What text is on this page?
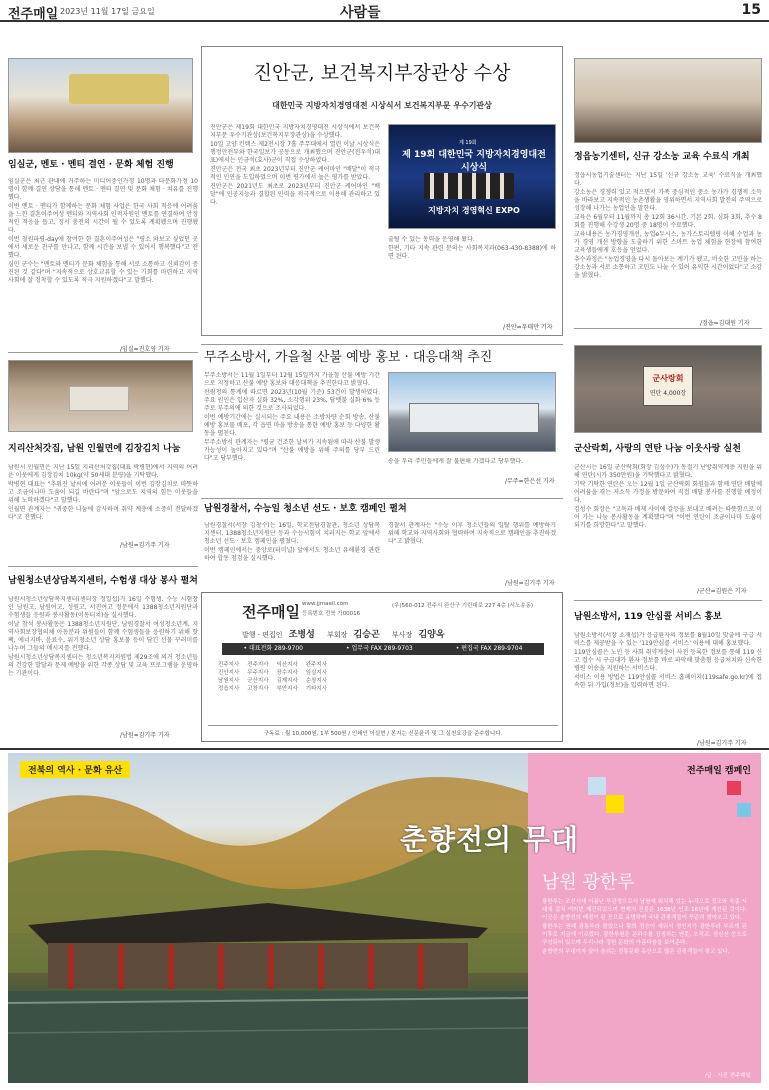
전주매일 2023년 11월 17일 금요일	사람들	15
임실군, 멘토 · 멘티 결연 · 문화 체험 진행

임실군은 최근 관내에 거주하는 미디어중인가정 10명과 다문화가정 10명이 함께 결연 상담을 통해 멘토 · 멘티 결연 및 문화 체험 · 치유를 진행했다.

이번 멘토 · 멘티가 함께하는 문화 체험 사업은 한국 사회 적응에 어려움을 느낀 결혼이주여성 멘티와 지역사회 인적자원인 멘토를 연결하여 안정적인 적응을 돕고, 정서 충전의 시간이 될 수 있도록 계획됐으며 진행됐다.

이번 철원파평-day에 참여한 한 결혼이주여성은 "평소 와보고 싶었던 곳에서 새로운 친구를 만나고, 함께 시간을 보낼 수 있어서 행복했다"고 전했다.

심민 군수는 "멘토와 멘티가 문화 체험을 통해 서로 소통하고 신뢰감이 증진된 것 같다"며 "지속적으로 상호교류할 수 있는 기회를 마련하고 지역사회에 잘 정착할 수 있도록 적극 지원하겠다"고 말했다.

/임실=진호영 기자
진안군, 보건복지부장관상 수상
대한민국 지방자치경영대전 시상식서 보건복지부문 우수기관상

진안군은 제19회 대한민국 지방자치경영대전 시상식에서 보건복지부문 우수기관상(보건복지부장관상)을 수상했다.

10일 고양 킨텍스 제2전시장 7홀 주무대에서 열린 이날 시상식은 행정안전부와 한국일보가 공동으로 개최했으며 진안군(전우석)대표)에서는 인금석(효사)군이 직접 수상하였다.

진안군은 전국 최초 2023년부터 진안군 케어마인 "배달"이 적극적인 인연을 도입하였으며 이번 평가에서 높은 평가를 받았다.

진안군은 2021년도 최초로 2023년부터 진안군 케어마인 "배달"에 인공지능과 결합된 인력을 적극적으로 이용해 관리하고 있다.

제 19회
제 19회 대한민국 지방자치경영대전 시상식
지방자치 경영혁신 EXPO

출될 수 있는 동력을 운영해 왔다.

한편, 기타 지속 관련 문의는 사회복지과(063-430-8388)에 하면 된다.

/진안=우태만 기자
정읍농기센터, 신규 강소농 교육 수료식 개최

정읍시농업기술센터는 지난 15일 '신규 강소농 교육' 수료식을 개최했다.

강소농은 경쟁력 있고 적으면서 가족 중심적인 중소 농가가 경쟁적 소득을 바라보고 지속적인 농촌생활을 영위하면서 지역사회 발전의 주역으로 성장해 나가는 농업인을 말한다.

교육은 6월부터 11월까지 총 12회 36시간, 기본 2회, 심화 3회, 추수 8회를 진행해 수강생 20명 중 18명이 수료했다.

교육내용은 농가경영개선, 농업e두시스, 농가스토리텔링 이해 수업과 농가 경영 개선 방향을 도출하기 위한 스마트 농업 체험을 현장에 참여한 교육생들에게 호응을 얻었다.

추수과정은 "농업경영을 다시 돌아보는 계기가 됐고, 비슷한 고민을 하는 강소농과 서로 소통하고 고민도 나눌 수 있어 유익한 시간이었다"고 소감을 밝혔다.

/정읍=김대원 기자
무주소방서, 가을철 산불 예방 홍보 · 대응대책 추진

무주소방서는 11월 1일부터 12월 15일까지 가을철 산불 예방 기간으로 지정하고 산불 예방 홍보와 대응대책을 추진한다고 밝혔다.

산림청의 통계에 따르면 2023년(10월 기준) 53건이 발생하였다. 주요 원인은 입산자 실화 32%, 소각행위 23%, 담뱃불 실화 6% 등 주로 부주의에 의한 것으로 조사되었다.

이번 예방기간에는 실시되는 주요 내용은 소방차량 순회 방송, 산불 예방 홍보물 배포, 각 읍면 마을 방송을 통한 예방 홍보 등 다양한 활동을 펼친다.

무주소방서 관계자는 "평균 건조한 날씨가 지속됨에 따라 산불 발생 가능성이 높아지고 있다"며 "산불 예방을 위해 주의를 당부 드린다"고 당부했다.	송을 우리 주민들에게 잘 불편해 가겠다고 당부했다.

/무주=한은선 기자
지리산처갓집, 남원 인월면에 김장김치 나눔

남원시 인월면은 지난 15일 지리산처갓집(대표 박병현)에서 지역의 어려운 이웃에게 김장김치 10kg(약 50세대 분량)을 기탁했다.

박병현 대표는 "추워진 날씨에 어려운 이웃들이 이번 김장김치로 따뜻하고 조금이나마 도움이 되길 바란다"며 "앞으로도 지역의 힘든 이웃들을 위해 노력하겠다"고 말했다.

인월면 관계자는 "귀중한 나눔에 감사하며 취약 계층에 소중히 전달하겠다"고 전했다.

/남원=김기주 기자
군사랑회
연탄 4,000장
군산락회, 사랑의 연탄 나눔 이웃사랑 실천

군산시는 16일 군산락회(회장 김성수)가 동절기 난방취약계층 지원을 위해 연탄(시가 350만원)을 기탁했다고 밝혔다.

기탁 기탁한 연탄은 오는 12월 1일 군산락회 회원들과 함께 연탄 배달에 어려움을 겪는 저소득 가정을 방문하여 직접 배달 봉사를 진행할 예정이다.

김성수 회장은 "고독과 배제 사이에 갈등을 보내고 배려는 따뜻함으로 이어 가는 나눔 봉사활동을 계획했다"며 "이번 연탄이 조금이나마 도움이 되기를 희망한다"고 말했다.

/군산=김원은 기자
남원경찰서, 수능일 청소년 선도 · 보호 캠페인 펼쳐

남원경찰서(서장 김창수)는 16일, 학교전담경찰관, 청소년 상담복지센터, 1388청소년지원단 등과 수능시험이 치러지는 학교 앞에서 청소년 선도 · 보호 캠페인을 펼쳤다.

이번 캠페인에서는 중앙로(터미널) 앞에서도 청소년 유해환경 관련하여 합동 점검을 실시했다.

경찰서 관계자는 "수능 이후 청소년들의 일탈 행위를 예방하기 위해 학교와 지역사회와 협력하여 지속적으로 캠페인을 추진하겠다"고 밝혔다.

/남원=김기주 기자
전주매일 www.jjmaeil.com
등록번호 전북 가00016
(우)560-012 전주시 완산구 기린대로 227 4층 (서노송동)
발행 · 편집인 조병성 부회장 김승곤 부사장 김양옥
• 대표전화 289-9700	• 업무국 FAX 289-9703	• 편집국 FAX 289-9704
진주지사	전주지사	익산지사	완주지사
진안지사	무주지사	장수지사	임실지사
남원지사	군산지사	김제지사	순창지사
정읍지사	고창지사	부안지사	기타지사
구독료 : 월 10,000원, 1부 500원 / 인쇄인 이실현 / 본지는 신문윤리 및 그 실천요강을 준수합니다.
남원청소년상담복지센터, 수험생 대상 봉사 펼쳐

남원시청소년상담복지센터(센터장 정일섭)가 16일 수험생, 수능 시험장인 남원고, 남원여고, 성원고, 서진여고 정문에서 1388청소년지원단과 수험생들 응원과 봉사활동(이동터치)을 실시했다.

이날 참석 봉사활동은 1388청소년지원단, 남원경찰서 여성청소년계, 지역사회보장협의체 아동분과 위원들이 함께 수험생들을 응원하기 위해 핫팩, 에너지바, 음료수, 위기청소년 상담 홍보물 등이 담긴 선물 꾸러미를 나누며 그들의 메시지를 전했다.

남원시청소년상담복지센터는 청소년복지지원법 제29조에 의거 청소년들의 건강한 발달과 문제 예방을 위한 각종 상담 및 교육 프로그램을 운영하는 기관이다.

/남원=김기주 기자
남원소방서, 119 안심콜 서비스 홍보

남원소방서(서장 소재섭)가 응급환자의 정보를 8월10일 맞출에 구급 서비스를 제공받을 수 있는 '119안심콜 서비스' 이용에 대해 홍보했다.

119안심콜은 노인 등 사회 취약계층이 사전 등록한 정보를 통해 119 신고 접수 시 구급대가 환자 정보를 바로 파악해 맞춤형 응급처치와 신속한 병원 이송을 지원하는 서비스다.

서비스 이용 방법은 119안심콜 서비스 홈페이지(119safe.go.kr)에 접속한 뒤 가입(정보)을 입력하면 된다.

/남원=김기주 기자
전북의 역사 · 문화 유산	전주매일 캠페인
남원 광한루

광한루는 조선시대 이름난 부관정으로서 남원에 위치해 있는 누각으로 정조와 숙종 시대에 걸쳐 여러번 재건되었으며 현재의 건물은 1638년 인조 16년에 재건된 것이다. 이곳은 춘향전의 배경이 된 곳으로 유명하며 국내 관광객들이 꾸준히 찾아오고 있다.

광한루는 원래 광통루라 불렸으나 황희 정승이 세워서 정인지가 광한루라 부르게 된 이후로 지금에 이르렀다. 광한루원은 은하수를 상징하는 연못, 오작교, 삼신산 등으로 구성되어 있으며 우리나라 정원 문화의 아름다움을 보여준다.

춘향전의 무대이자 살아 숨쉬는 전통문화 유산으로 많은 관광객들이 찾고 있다.

/글 · 사진 전주매일
춘향전의 무대
